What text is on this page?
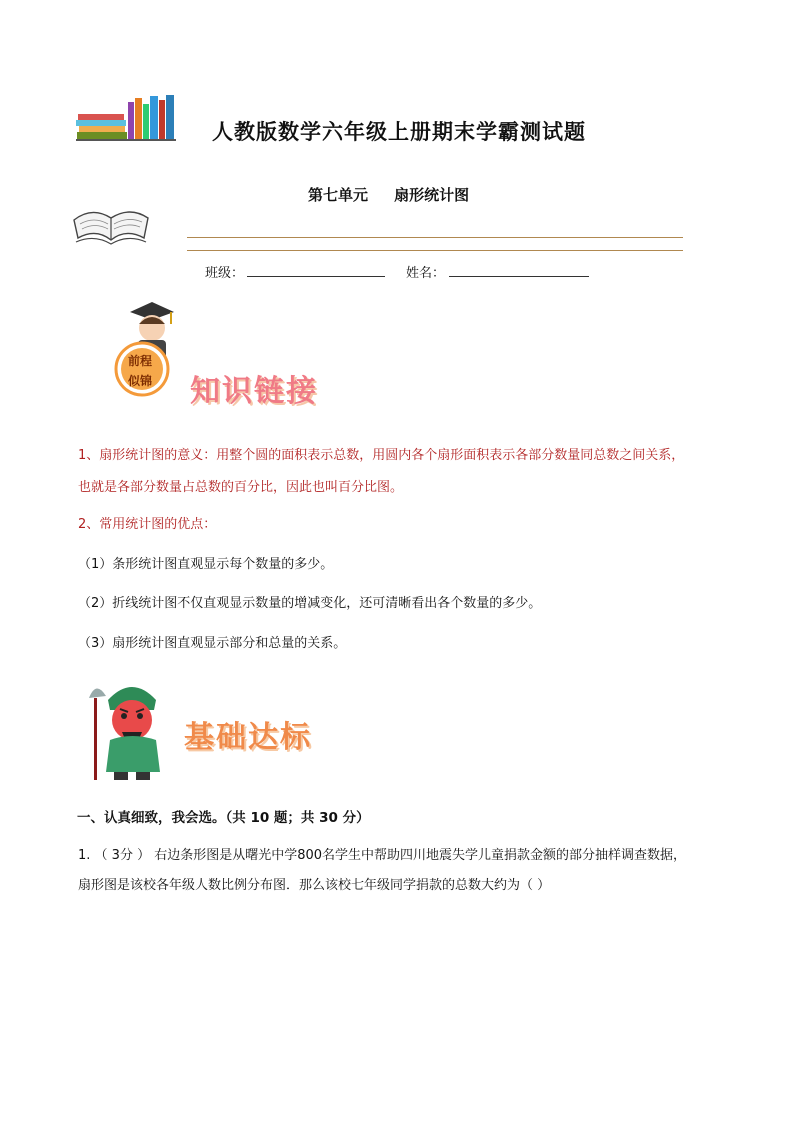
人教版数学六年级上册期末学霸测试题
第七单元     扇形统计图
班级：	姓名：
前程
似锦 知识链接
1、扇形统计图的意义：用整个圆的面积表示总数，用圆内各个扇形面积表示各部分数量同总数之间关系，
也就是各部分数量占总数的百分比，因此也叫百分比图。
2、常用统计图的优点：
（1）条形统计图直观显示每个数量的多少。
（2）折线统计图不仅直观显示数量的增减变化，还可清晰看出各个数量的多少。
（3）扇形统计图直观显示部分和总量的关系。
基础达标
一、认真细致，我会选。（共 10 题；共 30 分）
1. （ 3分 ） 右边条形图是从曙光中学800名学生中帮助四川地震失学儿童捐款金额的部分抽样调查数据，
扇形图是该校各年级人数比例分布图．那么该校七年级同学捐款的总数大约为（ ）
